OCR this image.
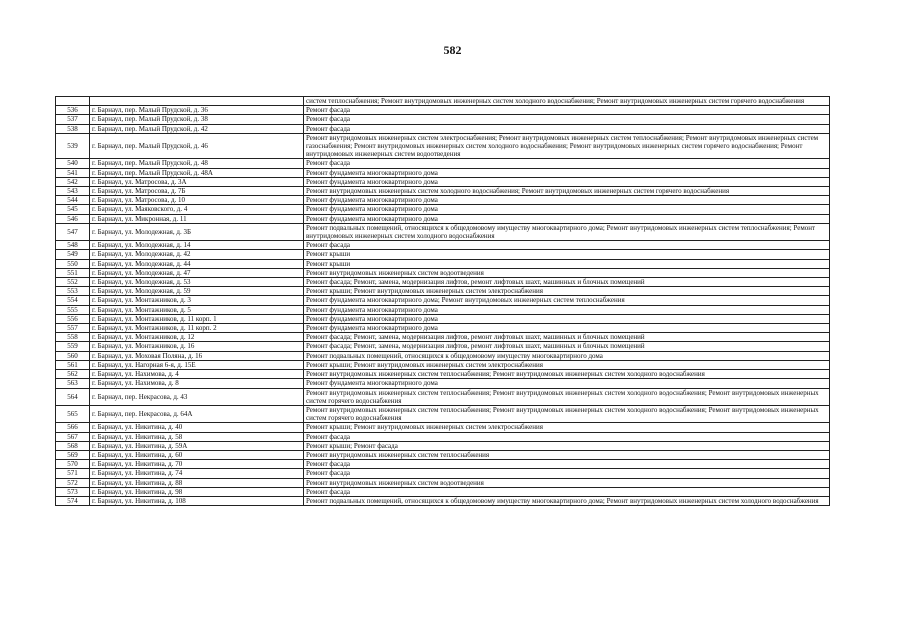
582
		систем теплоснабжения; Ремонт внутридомовых инженерных систем холодного водоснабжения; Ремонт внутридомовых инженерных систем горячего водоснабжения
536	г. Барнаул, пер. Малый Прудской, д. 36	Ремонт фасада
537	г. Барнаул, пер. Малый Прудской, д. 38	Ремонт фасада
538	г. Барнаул, пер. Малый Прудской, д. 42	Ремонт фасада
539	г. Барнаул, пер. Малый Прудской, д. 46	Ремонт внутридомовых инженерных систем электроснабжения; Ремонт внутридомовых инженерных систем теплоснабжения; Ремонт внутридомовых инженерных систем газоснабжения; Ремонт внутридомовых инженерных систем холодного водоснабжения; Ремонт внутридомовых инженерных систем горячего водоснабжения; Ремонт внутридомовых инженерных систем водоотведения
540	г. Барнаул, пер. Малый Прудской, д. 48	Ремонт фасада
541	г. Барнаул, пер. Малый Прудской, д. 48А	Ремонт фундамента многоквартирного дома
542	г. Барнаул, ул. Матросова, д. 3А	Ремонт фундамента многоквартирного дома
543	г. Барнаул, ул. Матросова, д. 7Б	Ремонт внутридомовых инженерных систем холодного водоснабжения; Ремонт внутридомовых инженерных систем горячего водоснабжения
544	г. Барнаул, ул. Матросова, д. 10	Ремонт фундамента многоквартирного дома
545	г. Барнаул, ул. Маяковского, д. 4	Ремонт фундамента многоквартирного дома
546	г. Барнаул, ул. Микронная, д. 11	Ремонт фундамента многоквартирного дома
547	г. Барнаул, ул. Молодежная, д. 3Б	Ремонт подвальных помещений, относящихся к общедомовому имуществу многоквартирного дома; Ремонт внутридомовых инженерных систем теплоснабжения; Ремонт внутридомовых инженерных систем холодного водоснабжения
548	г. Барнаул, ул. Молодежная, д. 14	Ремонт фасада
549	г. Барнаул, ул. Молодежная, д. 42	Ремонт крыши
550	г. Барнаул, ул. Молодежная, д. 44	Ремонт крыши
551	г. Барнаул, ул. Молодежная, д. 47	Ремонт внутридомовых инженерных систем водоотведения
552	г. Барнаул, ул. Молодежная, д. 53	Ремонт фасада; Ремонт, замена, модернизация лифтов, ремонт лифтовых шахт, машинных и блочных помещений
553	г. Барнаул, ул. Молодежная, д. 59	Ремонт крыши; Ремонт внутридомовых инженерных систем электроснабжения
554	г. Барнаул, ул. Монтажников, д. 3	Ремонт фундамента многоквартирного дома; Ремонт внутридомовых инженерных систем теплоснабжения
555	г. Барнаул, ул. Монтажников, д. 5	Ремонт фундамента многоквартирного дома
556	г. Барнаул, ул. Монтажников, д. 11 корп. 1	Ремонт фундамента многоквартирного дома
557	г. Барнаул, ул. Монтажников, д. 11 корп. 2	Ремонт фундамента многоквартирного дома
558	г. Барнаул, ул. Монтажников, д. 12	Ремонт фасада; Ремонт, замена, модернизация лифтов, ремонт лифтовых шахт, машинных и блочных помещений
559	г. Барнаул, ул. Монтажников, д. 16	Ремонт фасада; Ремонт, замена, модернизация лифтов, ремонт лифтовых шахт, машинных и блочных помещений
560	г. Барнаул, ул. Моховая Поляна, д. 16	Ремонт подвальных помещений, относящихся к общедомовому имуществу многоквартирного дома
561	г. Барнаул, ул. Нагорная 6-я, д. 15Е	Ремонт крыши; Ремонт внутридомовых инженерных систем электроснабжения
562	г. Барнаул, ул. Нахимова, д. 4	Ремонт внутридомовых инженерных систем теплоснабжения; Ремонт внутридомовых инженерных систем холодного водоснабжения
563	г. Барнаул, ул. Нахимова, д. 8	Ремонт фундамента многоквартирного дома
564	г. Барнаул, пер. Некрасова, д. 43	Ремонт внутридомовых инженерных систем теплоснабжения; Ремонт внутридомовых инженерных систем холодного водоснабжения; Ремонт внутридомовых инженерных систем горячего водоснабжения
565	г. Барнаул, пер. Некрасова, д. 64А	Ремонт внутридомовых инженерных систем теплоснабжения; Ремонт внутридомовых инженерных систем холодного водоснабжения; Ремонт внутридомовых инженерных систем горячего водоснабжения
566	г. Барнаул, ул. Никитина, д. 40	Ремонт крыши; Ремонт внутридомовых инженерных систем электроснабжения
567	г. Барнаул, ул. Никитина, д. 58	Ремонт фасада
568	г. Барнаул, ул. Никитина, д. 59А	Ремонт крыши; Ремонт фасада
569	г. Барнаул, ул. Никитина, д. 60	Ремонт внутридомовых инженерных систем теплоснабжения
570	г. Барнаул, ул. Никитина, д. 70	Ремонт фасада
571	г. Барнаул, ул. Никитина, д. 74	Ремонт фасада
572	г. Барнаул, ул. Никитина, д. 88	Ремонт внутридомовых инженерных систем водоотведения
573	г. Барнаул, ул. Никитина, д. 98	Ремонт фасада
574	г. Барнаул, ул. Никитина, д. 108	Ремонт подвальных помещений, относящихся к общедомовому имуществу многоквартирного дома; Ремонт внутридомовых инженерных систем холодного водоснабжения
